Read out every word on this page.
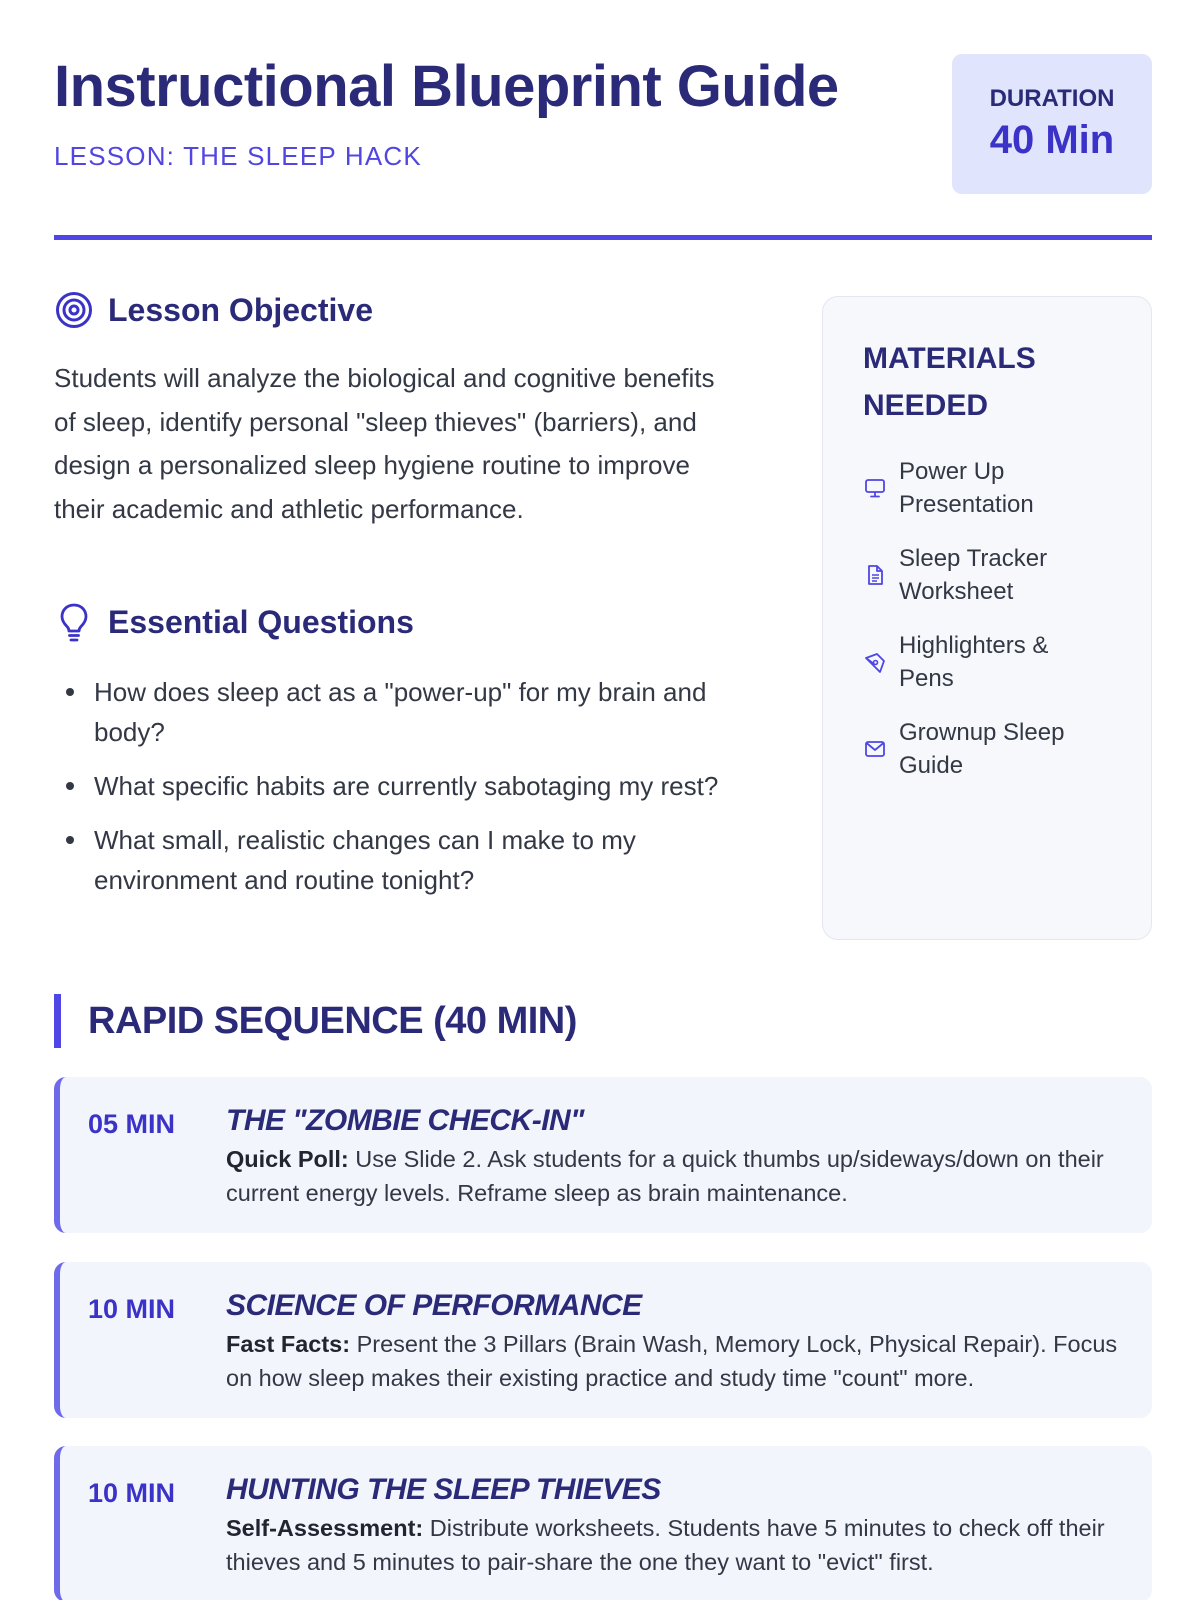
Instructional Blueprint Guide
LESSON: THE SLEEP HACK
DURATION
40 Min
Lesson Objective

Students will analyze the biological and cognitive benefits of sleep, identify personal "sleep thieves" (barriers), and design a personalized sleep hygiene routine to improve their academic and athletic performance.

Essential Questions
How does sleep act as a "power-up" for my brain and body?
What specific habits are currently sabotaging my rest?
What small, realistic changes can I make to my environment and routine tonight?
MATERIALS NEEDED
Power Up Presentation
Sleep Tracker Worksheet
Highlighters & Pens
Grownup Sleep Guide
RAPID SEQUENCE (40 MIN)
05 MIN THE "ZOMBIE CHECK-IN"
Quick Poll: Use Slide 2. Ask students for a quick thumbs up/sideways/down on their current energy levels. Reframe sleep as brain maintenance.
10 MIN SCIENCE OF PERFORMANCE
Fast Facts: Present the 3 Pillars (Brain Wash, Memory Lock, Physical Repair). Focus on how sleep makes their existing practice and study time "count" more.
10 MIN HUNTING THE SLEEP THIEVES
Self-Assessment: Distribute worksheets. Students have 5 minutes to check off their thieves and 5 minutes to pair-share the one they want to "evict" first.
